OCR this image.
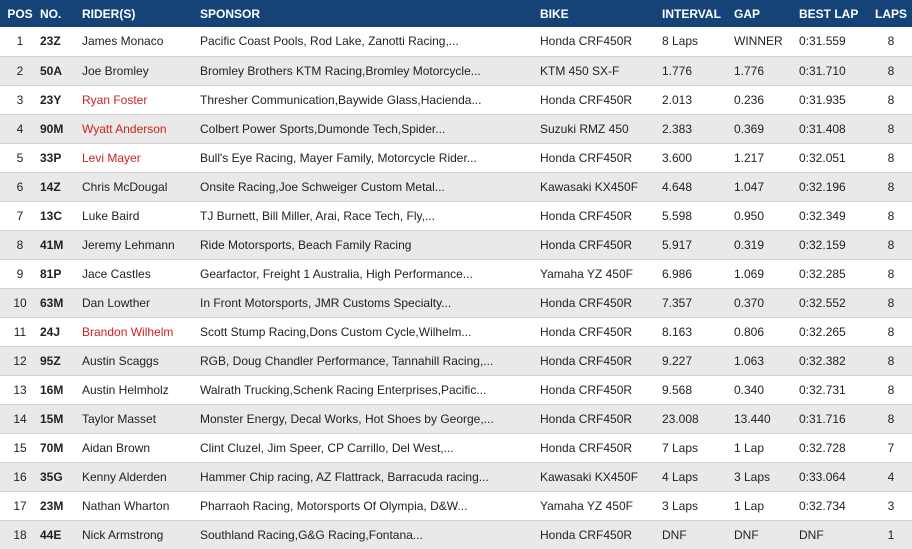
POS	NO.	RIDER(S)	SPONSOR	BIKE	INTERVAL	GAP	BEST LAP	LAPS
1	23Z	James Monaco	Pacific Coast Pools, Rod Lake, Zanotti Racing,...	Honda CRF450R	8 Laps	WINNER	0:31.559	8
2	50A	Joe Bromley	Bromley Brothers KTM Racing,Bromley Motorcycle...	KTM 450 SX-F	1.776	1.776	0:31.710	8
3	23Y	Ryan Foster	Thresher Communication,Baywide Glass,Hacienda...	Honda CRF450R	2.013	0.236	0:31.935	8
4	90M	Wyatt Anderson	Colbert Power Sports,Dumonde Tech,Spider...	Suzuki RMZ 450	2.383	0.369	0:31.408	8
5	33P	Levi Mayer	Bull's Eye Racing, Mayer Family, Motorcycle Rider...	Honda CRF450R	3.600	1.217	0:32.051	8
6	14Z	Chris McDougal	Onsite Racing,Joe Schweiger Custom Metal...	Kawasaki KX450F	4.648	1.047	0:32.196	8
7	13C	Luke Baird	TJ Burnett, Bill Miller, Arai, Race Tech, Fly,...	Honda CRF450R	5.598	0.950	0:32.349	8
8	41M	Jeremy Lehmann	Ride Motorsports, Beach Family Racing	Honda CRF450R	5.917	0.319	0:32.159	8
9	81P	Jace Castles	Gearfactor, Freight 1 Australia, High Performance...	Yamaha YZ 450F	6.986	1.069	0:32.285	8
10	63M	Dan Lowther	In Front Motorsports, JMR Customs Specialty...	Honda CRF450R	7.357	0.370	0:32.552	8
11	24J	Brandon Wilhelm	Scott Stump Racing,Dons Custom Cycle,Wilhelm...	Honda CRF450R	8.163	0.806	0:32.265	8
12	95Z	Austin Scaggs	RGB, Doug Chandler Performance, Tannahill Racing,...	Honda CRF450R	9.227	1.063	0:32.382	8
13	16M	Austin Helmholz	Walrath Trucking,Schenk Racing Enterprises,Pacific...	Honda CRF450R	9.568	0.340	0:32.731	8
14	15M	Taylor Masset	Monster Energy, Decal Works, Hot Shoes by George,...	Honda CRF450R	23.008	13.440	0:31.716	8
15	70M	Aidan Brown	Clint Cluzel, Jim Speer, CP Carrillo, Del West,...	Honda CRF450R	7 Laps	1 Lap	0:32.728	7
16	35G	Kenny Alderden	Hammer Chip racing, AZ Flattrack, Barracuda racing...	Kawasaki KX450F	4 Laps	3 Laps	0:33.064	4
17	23M	Nathan Wharton	Pharraoh Racing, Motorsports Of Olympia, D&W...	Yamaha YZ 450F	3 Laps	1 Lap	0:32.734	3
18	44E	Nick Armstrong	Southland Racing,G&G Racing,Fontana...	Honda CRF450R	DNF	DNF	DNF	1
